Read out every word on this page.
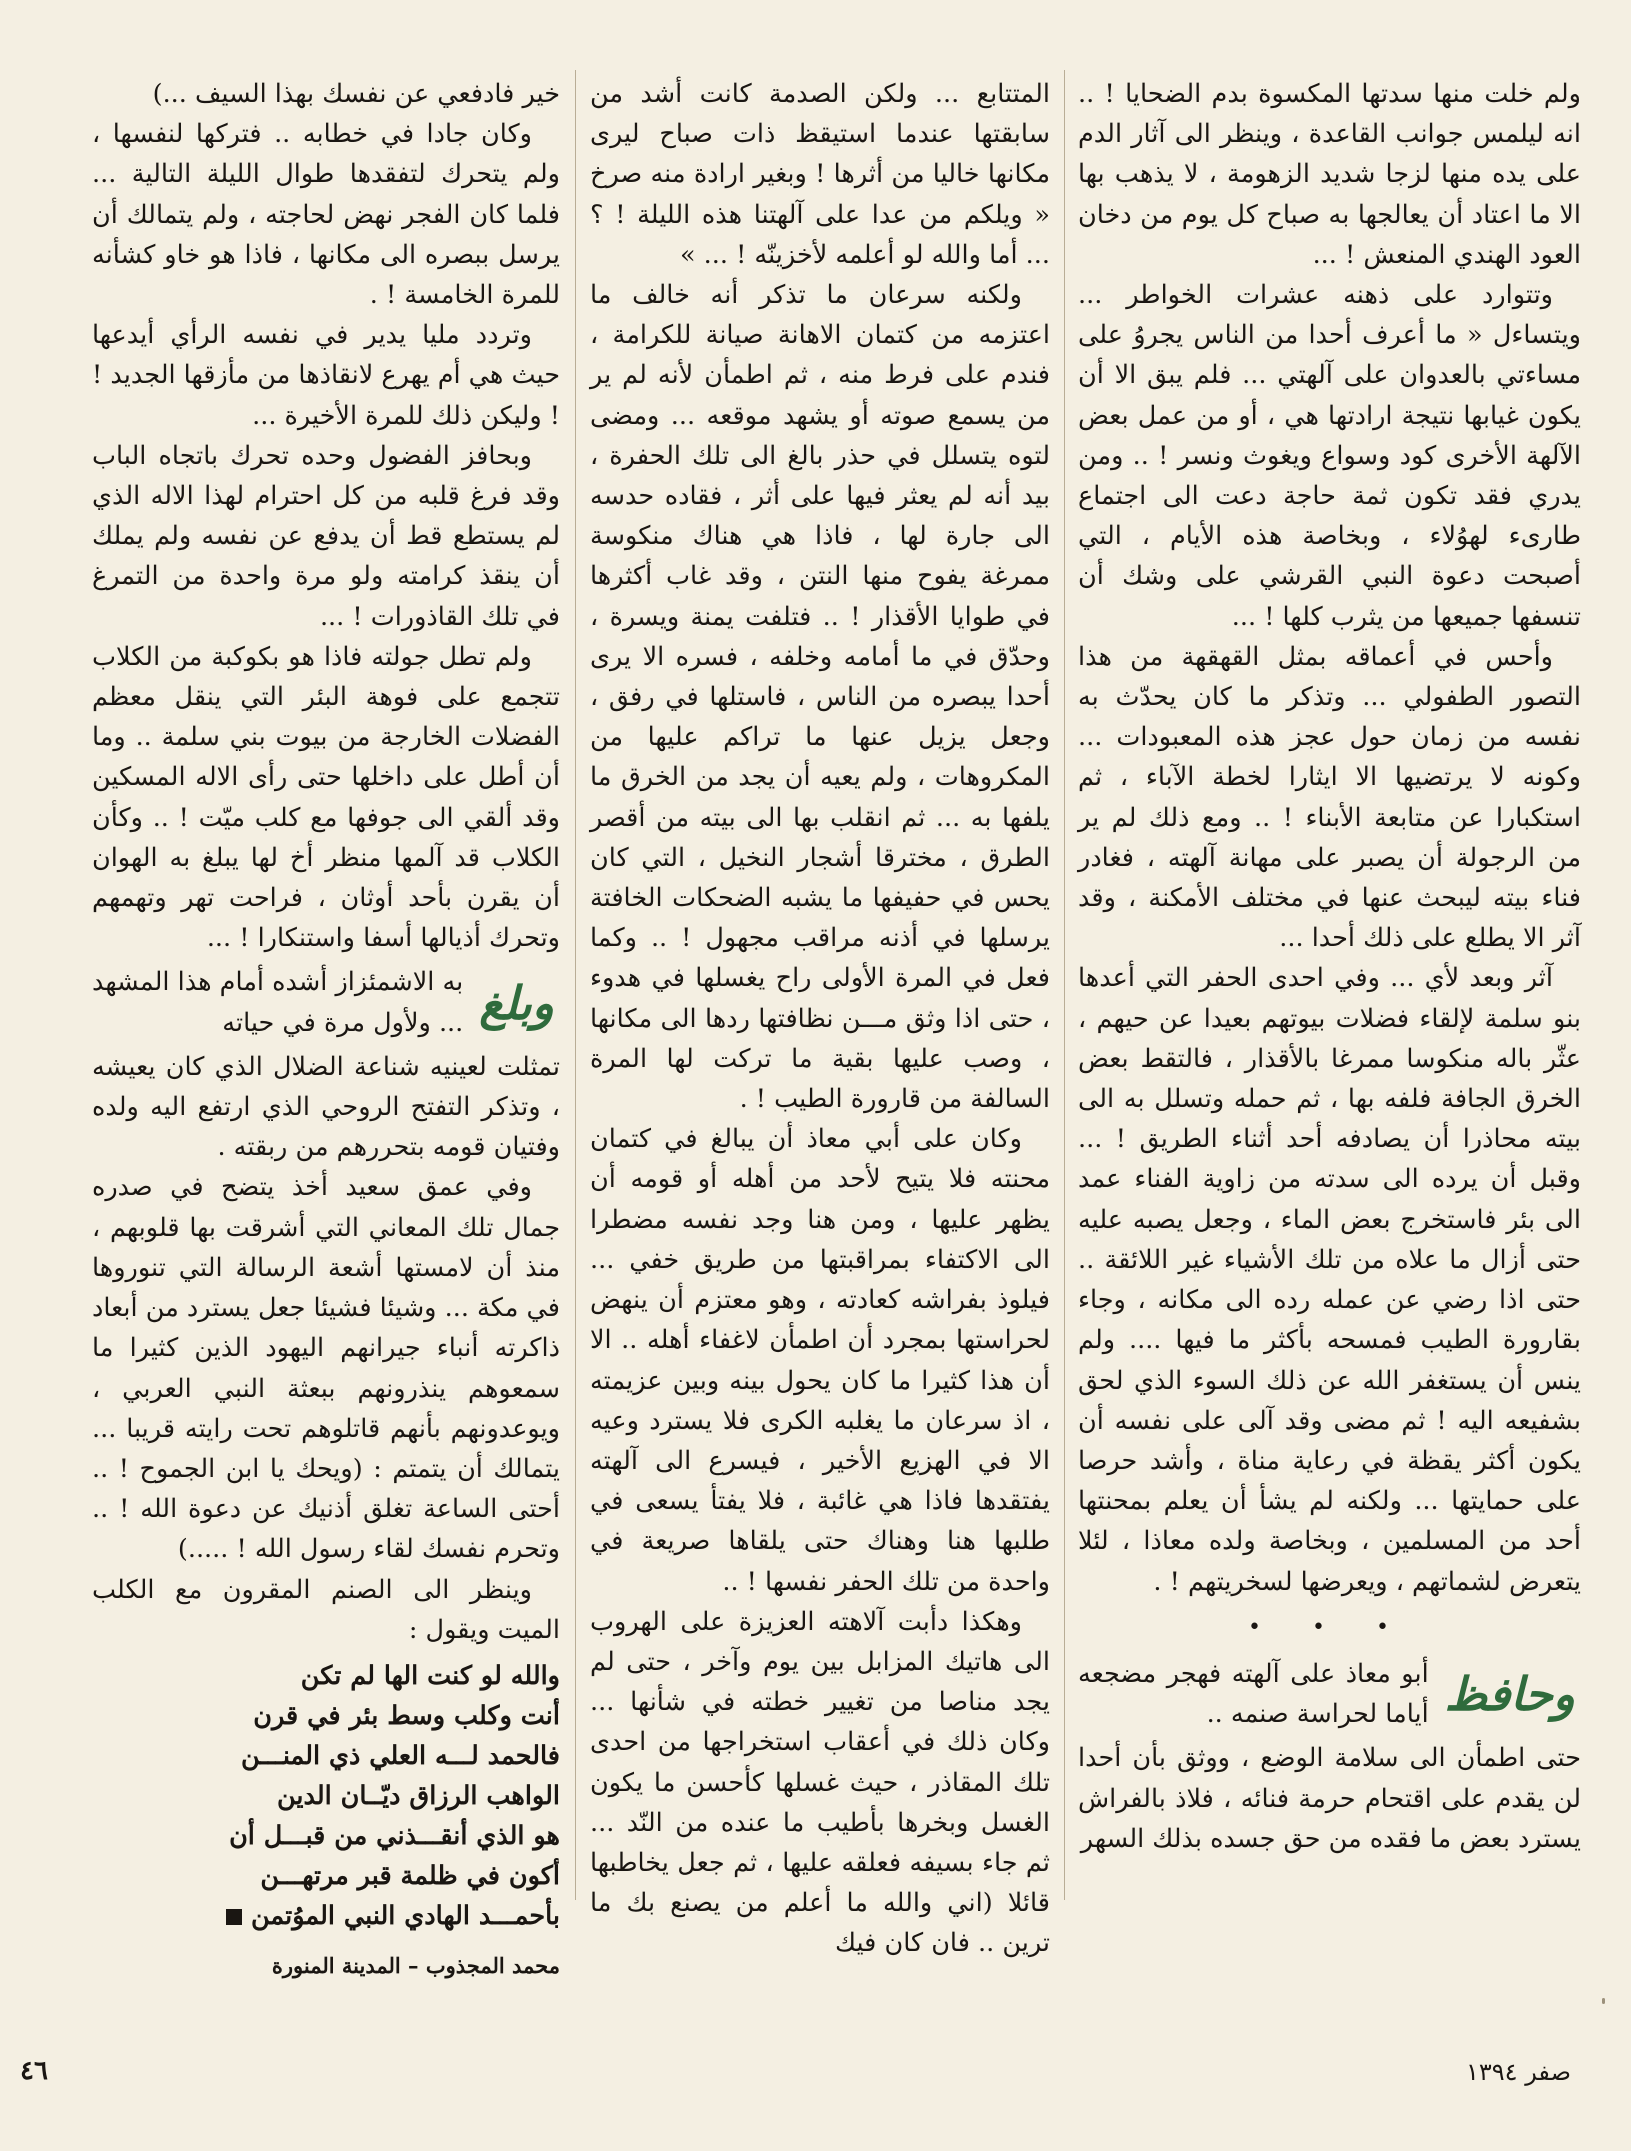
ولم خلت منها سدتها المكسوة بدم الضحايا ! .. انه ليلمس جوانب القاعدة ، وينظر الى آثار الدم على يده منها لزجا شديد الزهومة ، لا يذهب بها الا ما اعتاد أن يعالجها به صباح كل يوم من دخان العود الهندي المنعش ! ...

وتتوارد على ذهنه عشرات الخواطر ... ويتساءل « ما أعرف أحدا من الناس يجروُ على مساءتي بالعدوان على آلهتي ... فلم يبق الا أن يكون غيابها نتيجة ارادتها هي ، أو من عمل بعض الآلهة الأخرى كود وسواع ويغوث ونسر ! .. ومن يدري فقد تكون ثمة حاجة دعت الى اجتماع طارىء لهوُلاء ، وبخاصة هذه الأيام ، التي أصبحت دعوة النبي القرشي على وشك أن تنسفها جميعها من يثرب كلها ! ...

وأحس في أعماقه بمثل القهقهة من هذا التصور الطفولي ... وتذكر ما كان يحدّث به نفسه من زمان حول عجز هذه المعبودات ... وكونه لا يرتضيها الا ايثارا لخطة الآباء ، ثم استكبارا عن متابعة الأبناء ! .. ومع ذلك لم ير من الرجولة أن يصبر على مهانة آلهته ، فغادر فناء بيته ليبحث عنها في مختلف الأمكنة ، وقد آثر الا يطلع على ذلك أحدا ...

آثر وبعد لأي ... وفي احدى الحفر التي أعدها بنو سلمة لإلقاء فضلات بيوتهم بعيدا عن حيهم ، عثّر باله منكوسا ممرغا بالأقذار ، فالتقط بعض الخرق الجافة فلفه بها ، ثم حمله وتسلل به الى بيته محاذرا أن يصادفه أحد أثناء الطريق ! ... وقبل أن يرده الى سدته من زاوية الفناء عمد الى بئر فاستخرج بعض الماء ، وجعل يصبه عليه حتى أزال ما علاه من تلك الأشياء غير اللائقة .. حتى اذا رضي عن عمله رده الى مكانه ، وجاء بقارورة الطيب فمسحه بأكثر ما فيها .... ولم ينس أن يستغفر الله عن ذلك السوء الذي لحق بشفيعه اليه ! ثم مضى وقد آلى على نفسه أن يكون أكثر يقظة في رعاية مناة ، وأشد حرصا على حمايتها ... ولكنه لم يشأ أن يعلم بمحنتها أحد من المسلمين ، وبخاصة ولده معاذا ، لئلا يتعرض لشماتهم ، ويعرضها لسخريتهم ! .

• • •
وحافظ
أبو معاذ على آلهته فهجر مضجعه أياما لحراسة صنمه ..

حتى اطمأن الى سلامة الوضع ، ووثق بأن أحدا لن يقدم على اقتحام حرمة فنائه ، فلاذ بالفراش يسترد بعض ما فقده من حق جسده بذلك السهر

المتتابع ... ولكن الصدمة كانت أشد من سابقتها عندما استيقظ ذات صباح ليرى مكانها خاليا من أثرها ! وبغير ارادة منه صرخ « ويلكم من عدا على آلهتنا هذه الليلة ! ؟ ... أما والله لو أعلمه لأخزينّه ! ... »

ولكنه سرعان ما تذكر أنه خالف ما اعتزمه من كتمان الاهانة صيانة للكرامة ، فندم على فرط منه ، ثم اطمأن لأنه لم ير من يسمع صوته أو يشهد موقعه ... ومضى لتوه يتسلل في حذر بالغ الى تلك الحفرة ، بيد أنه لم يعثر فيها على أثر ، فقاده حدسه الى جارة لها ، فاذا هي هناك منكوسة ممرغة يفوح منها النتن ، وقد غاب أكثرها في طوايا الأقذار ! .. فتلفت يمنة ويسرة ، وحدّق في ما أمامه وخلفه ، فسره الا يرى أحدا يبصره من الناس ، فاستلها في رفق ، وجعل يزيل عنها ما تراكم عليها من المكروهات ، ولم يعيه أن يجد من الخرق ما يلفها به ... ثم انقلب بها الى بيته من أقصر الطرق ، مخترقا أشجار النخيل ، التي كان يحس في حفيفها ما يشبه الضحكات الخافتة يرسلها في أذنه مراقب مجهول ! .. وكما فعل في المرة الأولى راح يغسلها في هدوء ، حتى اذا وثق مـــن نظافتها ردها الى مكانها ، وصب عليها بقية ما تركت لها المرة السالفة من قارورة الطيب ! .

وكان على أبي معاذ أن يبالغ في كتمان محنته فلا يتيح لأحد من أهله أو قومه أن يظهر عليها ، ومن هنا وجد نفسه مضطرا الى الاكتفاء بمراقبتها من طريق خفي ... فيلوذ بفراشه كعادته ، وهو معتزم أن ينهض لحراستها بمجرد أن اطمأن لاغفاء أهله .. الا أن هذا كثيرا ما كان يحول بينه وبين عزيمته ، اذ سرعان ما يغلبه الكرى فلا يسترد وعيه الا في الهزيع الأخير ، فيسرع الى آلهته يفتقدها فاذا هي غائبة ، فلا يفتأ يسعى في طلبها هنا وهناك حتى يلقاها صريعة في واحدة من تلك الحفر نفسها ! ..

وهكذا دأبت آلاهته العزيزة على الهروب الى هاتيك المزابل بين يوم وآخر ، حتى لم يجد مناصا من تغيير خطته في شأنها ... وكان ذلك في أعقاب استخراجها من احدى تلك المقاذر ، حيث غسلها كأحسن ما يكون الغسل وبخرها بأطيب ما عنده من النّد ... ثم جاء بسيفه فعلقه عليها ، ثم جعل يخاطبها قائلا (اني والله ما أعلم من يصنع بك ما ترين .. فان كان فيك

خير فادفعي عن نفسك بهذا السيف ...)

وكان جادا في خطابه .. فتركها لنفسها ، ولم يتحرك لتفقدها طوال الليلة التالية ... فلما كان الفجر نهض لحاجته ، ولم يتمالك أن يرسل ببصره الى مكانها ، فاذا هو خاو كشأنه للمرة الخامسة ! .

وتردد مليا يدير في نفسه الرأي أيدعها حيث هي أم يهرع لانقاذها من مأزقها الجديد ! ! وليكن ذلك للمرة الأخيرة ...

وبحافز الفضول وحده تحرك باتجاه الباب وقد فرغ قلبه من كل احترام لهذا الاله الذي لم يستطع قط أن يدفع عن نفسه ولم يملك أن ينقذ كرامته ولو مرة واحدة من التمرغ في تلك القاذورات ! ...

ولم تطل جولته فاذا هو بكوكبة من الكلاب تتجمع على فوهة البئر التي ينقل معظم الفضلات الخارجة من بيوت بني سلمة .. وما أن أطل على داخلها حتى رأى الاله المسكين وقد ألقي الى جوفها مع كلب ميّت ! .. وكأن الكلاب قد آلمها منظر أخ لها يبلغ به الهوان أن يقرن بأحد أوثان ، فراحت تهر وتهمهم وتحرك أذيالها أسفا واستنكارا ! ...

وبلغ
به الاشمئزاز أشده أمام هذا المشهد ... ولأول مرة في حياته

تمثلت لعينيه شناعة الضلال الذي كان يعيشه ، وتذكر التفتح الروحي الذي ارتفع اليه ولده وفتيان قومه بتحررهم من ربقته .

وفي عمق سعيد أخذ يتضح في صدره جمال تلك المعاني التي أشرقت بها قلوبهم ، منذ أن لامستها أشعة الرسالة التي تنوروها في مكة ... وشيئا فشيئا جعل يسترد من أبعاد ذاكرته أنباء جيرانهم اليهود الذين كثيرا ما سمعوهم ينذرونهم ببعثة النبي العربي ، ويوعدونهم بأنهم قاتلوهم تحت رايته قريبا ... يتمالك أن يتمتم : (ويحك يا ابن الجموح ! .. أحتى الساعة تغلق أذنيك عن دعوة الله ! .. وتحرم نفسك لقاء رسول الله ! .....)

وينظر الى الصنم المقرون مع الكلب الميت ويقول :

والله لو كنت الها لم تكن
أنت وكلب وسط بئر في قرن
فالحمد لـــه العلي ذي المنـــن
الواهب الرزاق ديّــان الدين
هو الذي أنقـــذني من قبـــل أن
أكون في ظلمة قبر مرتهـــن
بأحمـــد الهادي النبي الموُتمن
محمد المجذوب – المدينة المنورة
٤٦	صفر ١٣٩٤
